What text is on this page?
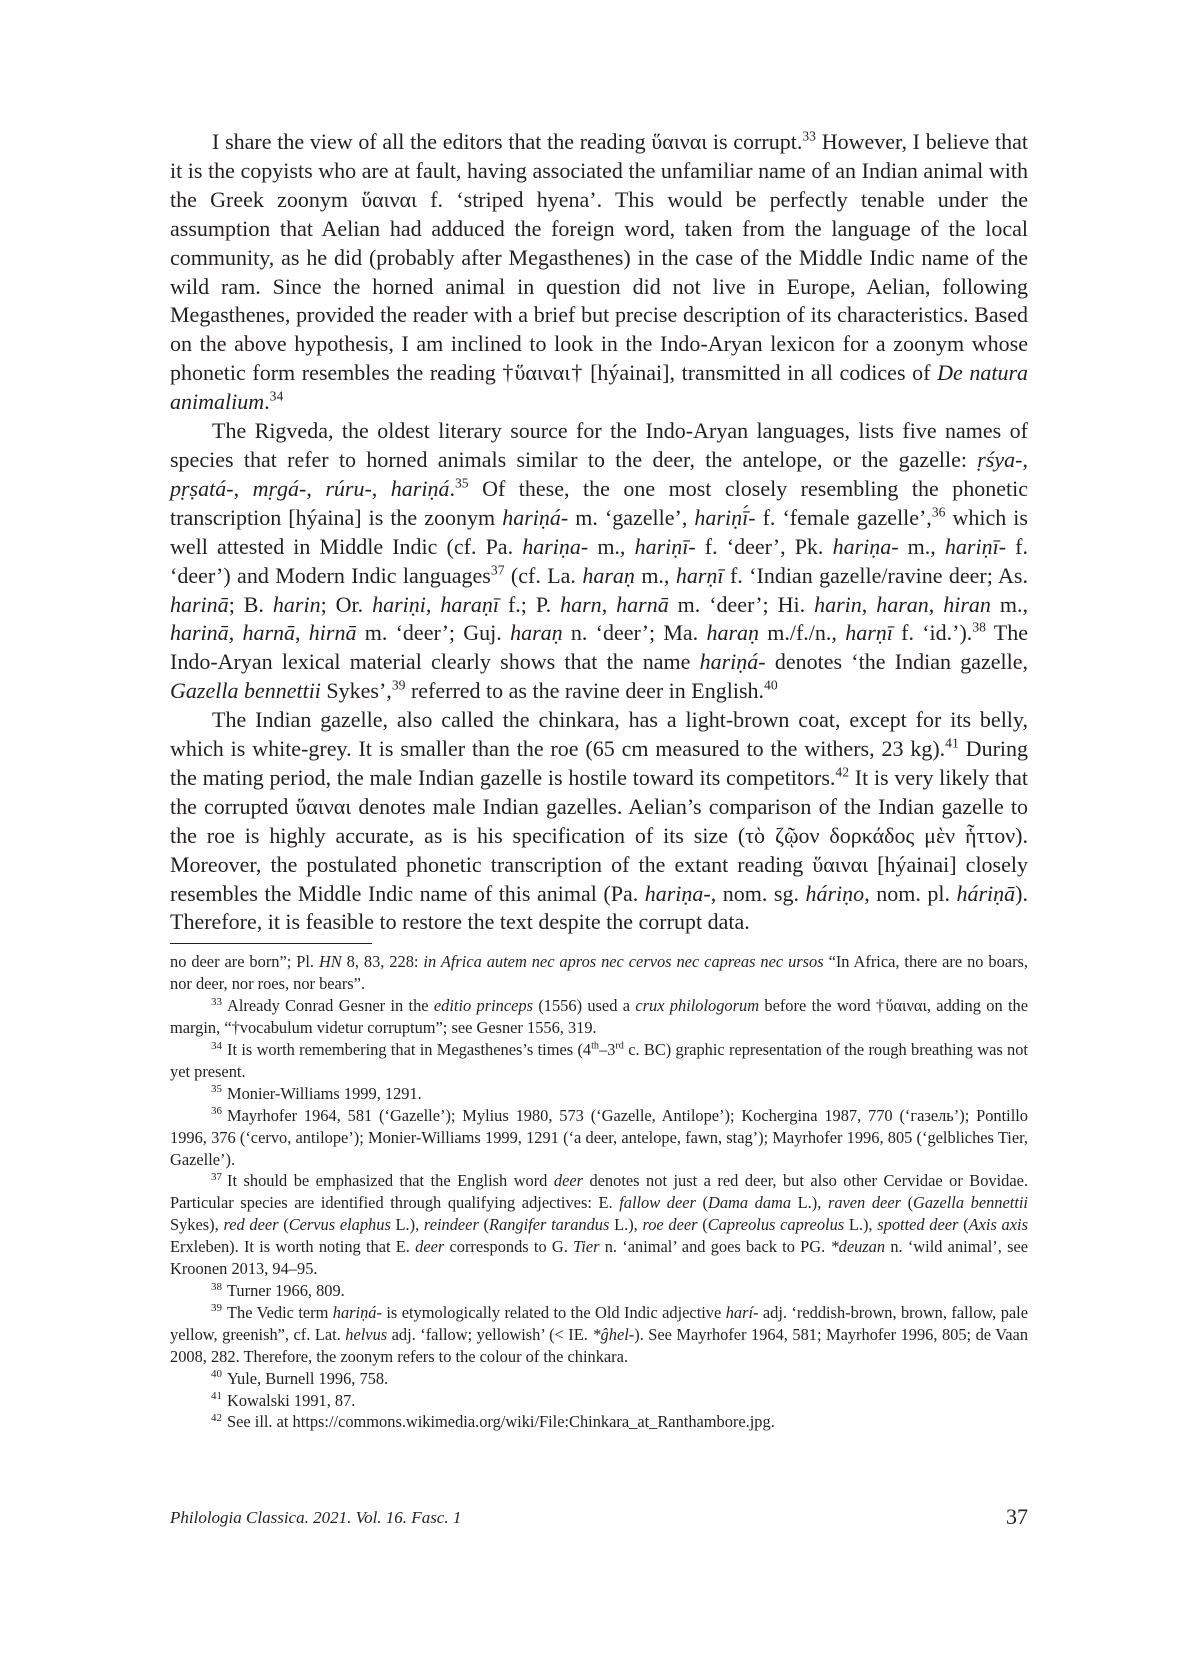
I share the view of all the editors that the reading ὕαιναι is corrupt.$^{33}$ However, I believe that it is the copyists who are at fault, having associated the unfamiliar name of an Indian animal with the Greek zoonym ὕαιναι f. ‘striped hyena’. This would be perfectly tenable under the assumption that Aelian had adduced the foreign word, taken from the language of the local community, as he did (probably after Megasthenes) in the case of the Middle Indic name of the wild ram. Since the horned animal in question did not live in Europe, Aelian, following Megasthenes, provided the reader with a brief but precise description of its characteristics. Based on the above hypothesis, I am inclined to look in the Indo-Aryan lexicon for a zoonym whose phonetic form resembles the reading †ὕαιναι† [hýainai], transmitted in all codices of De natura animalium.$^{34}$

The Rigveda, the oldest literary source for the Indo-Aryan languages, lists five names of species that refer to horned animals similar to the deer, the antelope, or the gazelle: ṛśya-, pṛṣatá-, mṛgá-, rúru-, hariṇá.$^{35}$ Of these, the one most closely resembling the phonetic transcription [hýaina] is the zoonym hariṇá- m. ‘gazelle’, hariṇī́- f. ‘female gazelle’,$^{36}$ which is well attested in Middle Indic (cf. Pa. hariṇa- m., hariṇī- f. ‘deer’, Pk. hariṇa- m., hariṇī- f. ‘deer’) and Modern Indic languages$^{37}$ (cf. La. haraṇ m., harṇī f. ‘Indian gazelle/ravine deer; As. harinā; B. harin; Or. hariṇi, haraṇī f.; P. harn, harnā m. ‘deer’; Hi. harin, haran, hiran m., harinā, harnā, hirnā m. ‘deer’; Guj. haraṇ n. ‘deer’; Ma. haraṇ m./f./n., harṇī f. ‘id.’).$^{38}$ The Indo-Aryan lexical material clearly shows that the name hariṇá- denotes ‘the Indian gazelle, Gazella bennettii Sykes’,$^{39}$ referred to as the ravine deer in English.$^{40}$

The Indian gazelle, also called the chinkara, has a light-brown coat, except for its belly, which is white-grey. It is smaller than the roe (65 cm measured to the withers, 23 kg).$^{41}$ During the mating period, the male Indian gazelle is hostile toward its competitors.$^{42}$ It is very likely that the corrupted ὕαιναι denotes male Indian gazelles. Aelian’s comparison of the Indian gazelle to the roe is highly accurate, as is his specification of its size (τὸ ζῷον δορκάδος μὲν ἧττον). Moreover, the postulated phonetic transcription of the extant reading ὕαιναι [hýainai] closely resembles the Middle Indic name of this animal (Pa. hariṇa-, nom. sg. háriṇo, nom. pl. háriṇā). Therefore, it is feasible to restore the text despite the corrupt data.

no deer are born”; Pl. HN 8, 83, 228: in Africa autem nec apros nec cervos nec capreas nec ursos “In Africa, there are no boars, nor deer, nor roes, nor bears”.

$^{33}$ Already Conrad Gesner in the editio princeps (1556) used a crux philologorum before the word †ὕαιναι, adding on the margin, “†vocabulum videtur corruptum”; see Gesner 1556, 319.

$^{34}$ It is worth remembering that in Megasthenes’s times (4th–3rd c. BC) graphic representation of the rough breathing was not yet present.

$^{35}$ Monier-Williams 1999, 1291.

$^{36}$ Mayrhofer 1964, 581 (‘Gazelle’); Mylius 1980, 573 (‘Gazelle, Antilope’); Kochergina 1987, 770 (‘газель’); Pontillo 1996, 376 (‘cervo, antilope’); Monier-Williams 1999, 1291 (‘a deer, antelope, fawn, stag’); Mayrhofer 1996, 805 (‘gelbliches Tier, Gazelle’).

$^{37}$ It should be emphasized that the English word deer denotes not just a red deer, but also other Cervidae or Bovidae. Particular species are identified through qualifying adjectives: E. fallow deer (Dama dama L.), raven deer (Gazella bennettii Sykes), red deer (Cervus elaphus L.), reindeer (Rangifer tarandus L.), roe deer (Capreolus capreolus L.), spotted deer (Axis axis Erxleben). It is worth noting that E. deer corresponds to G. Tier n. ‘animal’ and goes back to PG. *deuzan n. ‘wild animal’, see Kroonen 2013, 94–95.

$^{38}$ Turner 1966, 809.

$^{39}$ The Vedic term hariṇá- is etymologically related to the Old Indic adjective harí- adj. ‘reddish-brown, brown, fallow, pale yellow, greenish”, cf. Lat. helvus adj. ‘fallow; yellowish’ (< IE. *ĝhel-). See Mayrhofer 1964, 581; Mayrhofer 1996, 805; de Vaan 2008, 282. Therefore, the zoonym refers to the colour of the chinkara.

$^{40}$ Yule, Burnell 1996, 758.

$^{41}$ Kowalski 1991, 87.

$^{42}$ See ill. at https://commons.wikimedia.org/wiki/File:Chinkara_at_Ranthambore.jpg.

Philologia Classica. 2021. Vol. 16. Fasc. 1	37
